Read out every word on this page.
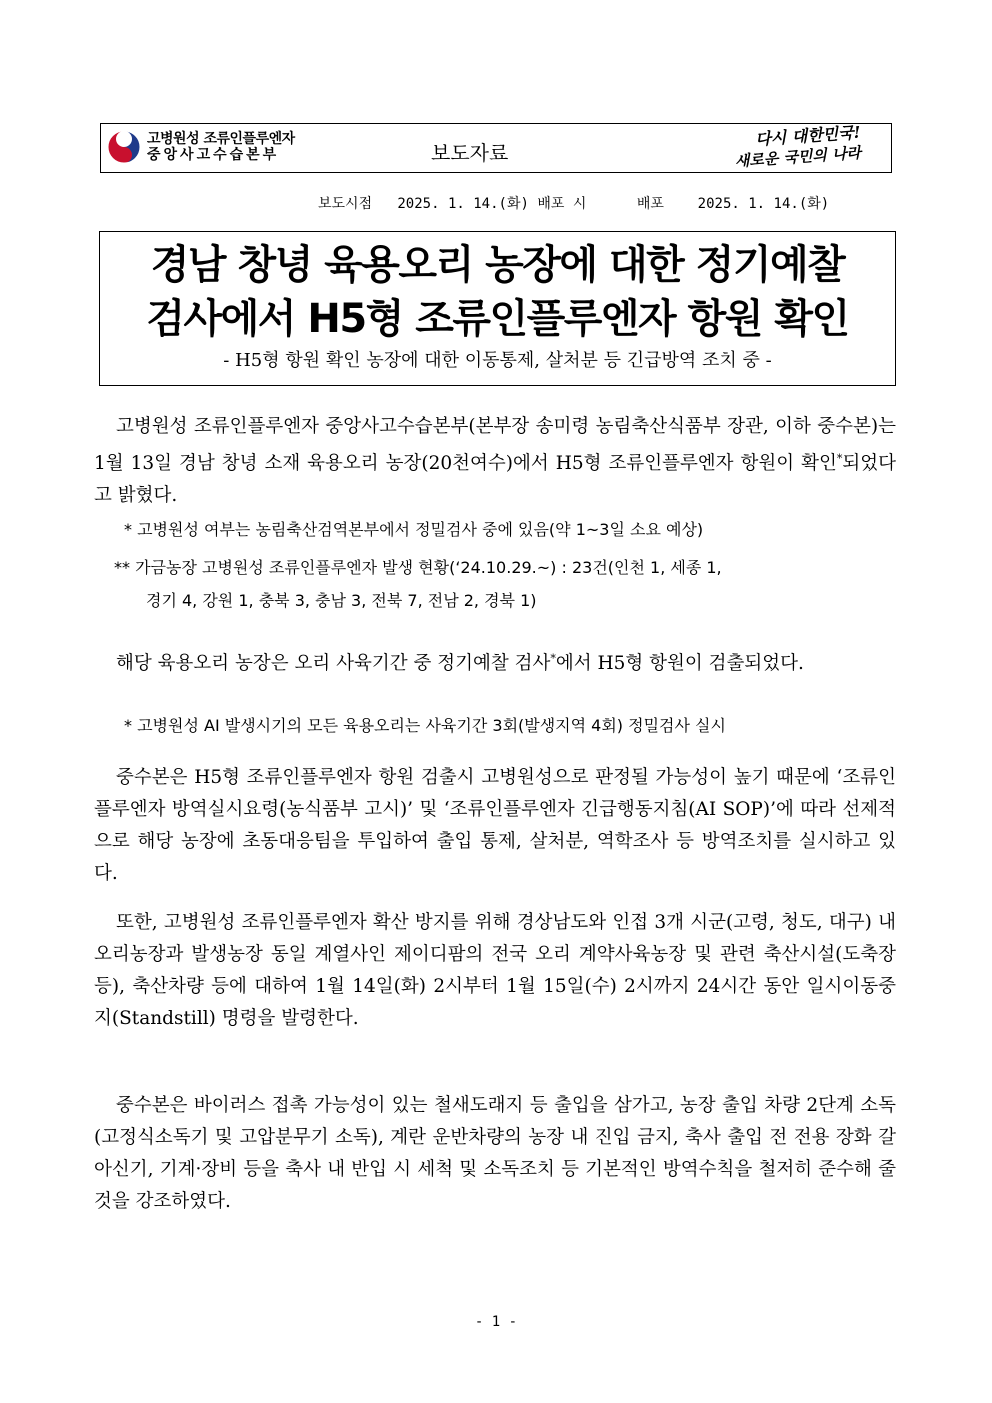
고병원성 조류인플루엔자
중앙사고수습본부	보도자료
다시 대한민국!
새로운 국민의 나라
보도시점   2025. 1. 14.(화) 배포 시      배포    2025. 1. 14.(화)
경남 창녕 육용오리 농장에 대한 정기예찰
검사에서 H5형 조류인플루엔자 항원 확인
- H5형 항원 확인 농장에 대한 이동통제, 살처분 등 긴급방역 조치 중 -

고병원성 조류인플루엔자 중앙사고수습본부(본부장 송미령 농림축산식품부 장관, 이하 중수본)는 1월 13일 경남 창녕 소재 육용오리 농장(20천여수)에서 H5형 조류인플루엔자 항원이 확인*되었다고 밝혔다.

* 고병원성 여부는 농림축산검역본부에서 정밀검사 중에 있음(약 1~3일 소요 예상)
** 가금농장 고병원성 조류인플루엔자 발생 현황(‘24.10.29.~) : 23건(인천 1, 세종 1,
경기 4, 강원 1, 충북 3, 충남 3, 전북 7, 전남 2, 경북 1)

해당 육용오리 농장은 오리 사육기간 중 정기예찰 검사*에서 H5형 항원이 검출되었다.

* 고병원성 AI 발생시기의 모든 육용오리는 사육기간 3회(발생지역 4회) 정밀검사 실시

중수본은 H5형 조류인플루엔자 항원 검출시 고병원성으로 판정될 가능성이 높기 때문에 ‘조류인플루엔자 방역실시요령(농식품부 고시)’ 및 ‘조류인플루엔자 긴급행동지침(AI SOP)’에 따라 선제적으로 해당 농장에 초동대응팀을 투입하여 출입 통제, 살처분, 역학조사 등 방역조치를 실시하고 있다.

또한, 고병원성 조류인플루엔자 확산 방지를 위해 경상남도와 인접 3개 시군(고령, 청도, 대구) 내 오리농장과 발생농장 동일 계열사인 제이디팜의 전국 오리 계약사육농장 및 관련 축산시설(도축장 등), 축산차량 등에 대하여 1월 14일(화) 2시부터 1월 15일(수) 2시까지 24시간 동안 일시이동중지(Standstill) 명령을 발령한다.

중수본은 바이러스 접촉 가능성이 있는 철새도래지 등 출입을 삼가고, 농장 출입 차량 2단계 소독(고정식소독기 및 고압분무기 소독), 계란 운반차량의 농장 내 진입 금지, 축사 출입 전 전용 장화 갈아신기, 기계·장비 등을 축사 내 반입 시 세척 및 소독조치 등 기본적인 방역수칙을 철저히 준수해 줄 것을 강조하였다.

- 1 -
